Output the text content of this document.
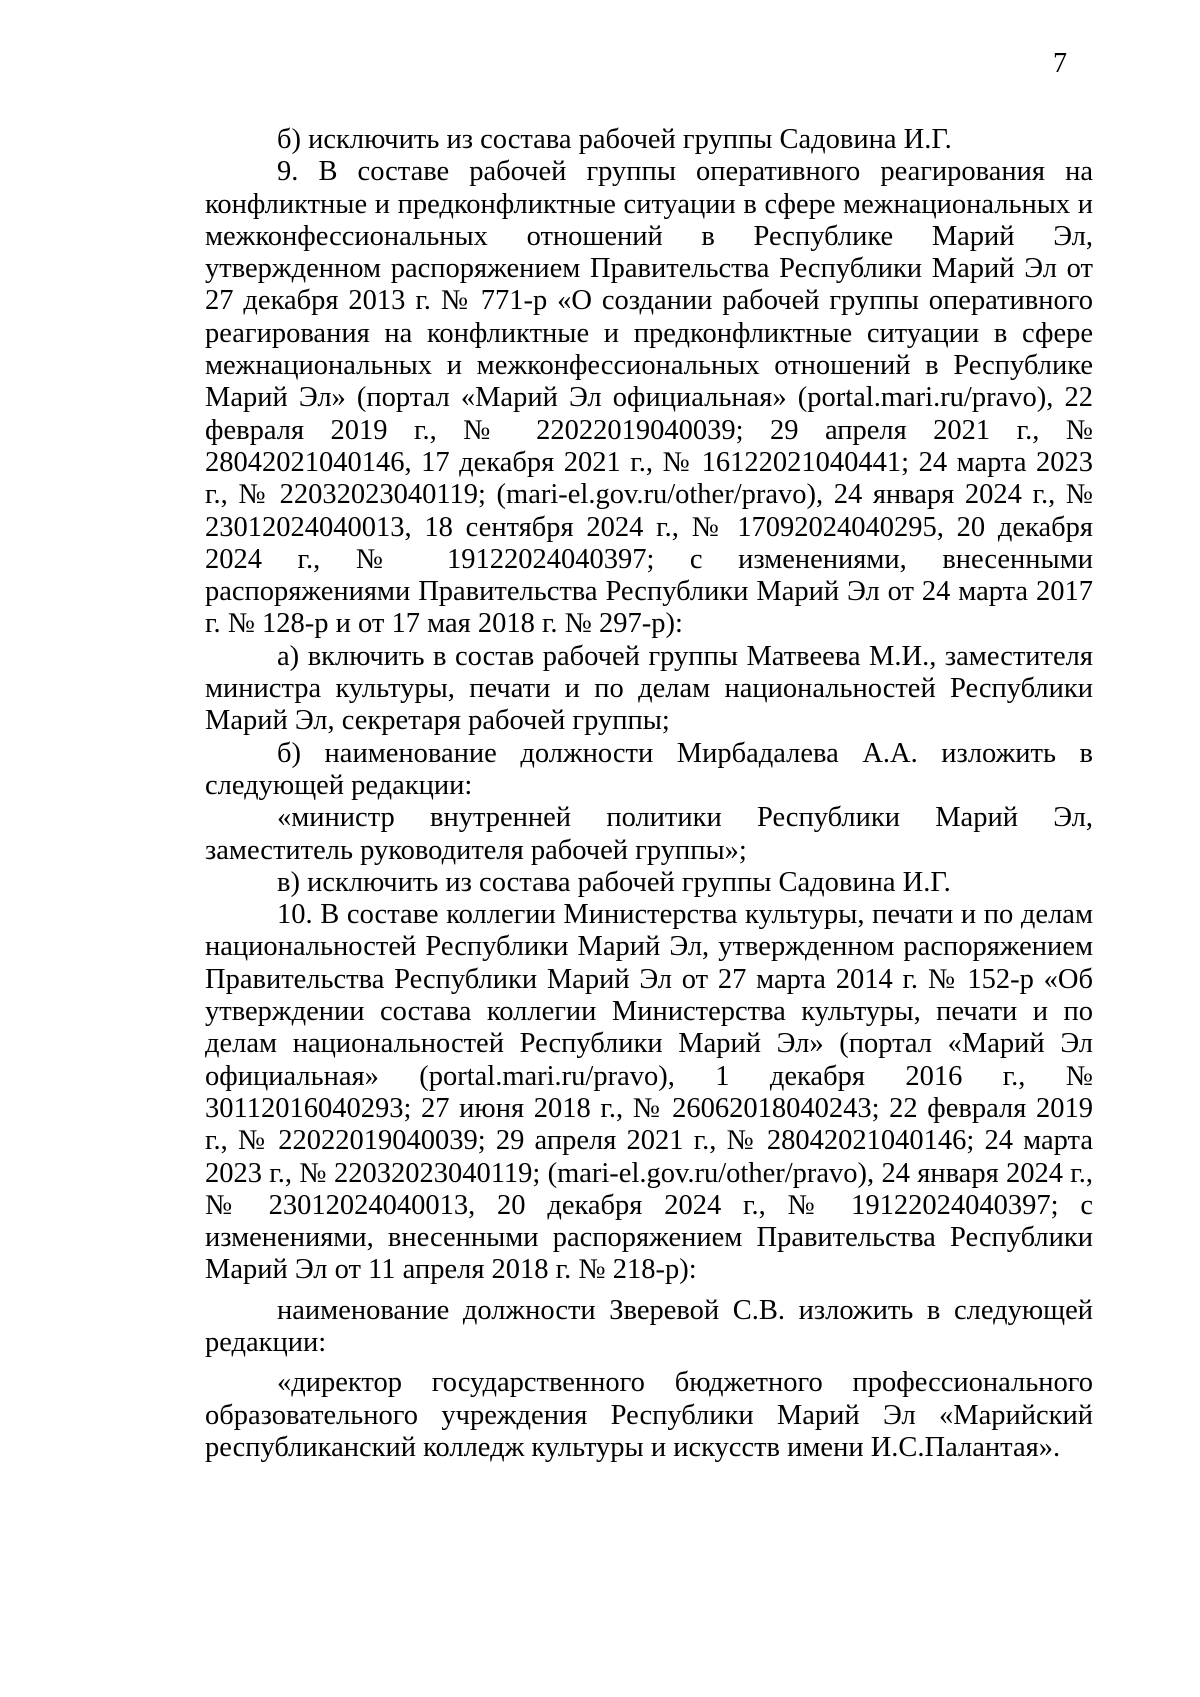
7

б) исключить из состава рабочей группы Садовина И.Г.

9. В составе рабочей группы оперативного реагирования на конфликтные и предконфликтные ситуации в сфере межнациональных и межконфессиональных отношений в Республике Марий Эл, утвержденном распоряжением Правительства Республики Марий Эл от 27 декабря 2013 г. № 771-р «О создании рабочей группы оперативного реагирования на конфликтные и предконфликтные ситуации в сфере межнациональных и межконфессиональных отношений в Республике Марий Эл» (портал «Марий Эл официальная» (portal.mari.ru/pravo), 22 февраля 2019 г., № 22022019040039; 29 апреля 2021 г., № 28042021040146, 17 декабря 2021 г., № 16122021040441; 24 марта 2023 г., № 22032023040119; (mari-el.gov.ru/other/pravo), 24 января 2024 г., № 23012024040013, 18 сентября 2024 г., № 17092024040295, 20 декабря 2024 г., № 19122024040397; с изменениями, внесенными распоряжениями Правительства Республики Марий Эл от 24 марта 2017 г. № 128-р и от 17 мая 2018 г. № 297-р):

а) включить в состав рабочей группы Матвеева М.И., заместителя министра культуры, печати и по делам национальностей Республики Марий Эл, секретаря рабочей группы;

б) наименование должности Мирбадалева А.А. изложить в следующей редакции:

«министр внутренней политики Республики Марий Эл, заместитель руководителя рабочей группы»;

в) исключить из состава рабочей группы Садовина И.Г.

10. В составе коллегии Министерства культуры, печати и по делам национальностей Республики Марий Эл, утвержденном распоряжением Правительства Республики Марий Эл от 27 марта 2014 г. № 152-р «Об утверждении состава коллегии Министерства культуры, печати и по делам национальностей Республики Марий Эл» (портал «Марий Эл официальная» (portal.mari.ru/pravo), 1 декабря 2016 г., № 30112016040293; 27 июня 2018 г., № 26062018040243; 22 февраля 2019 г., № 22022019040039; 29 апреля 2021 г., № 28042021040146; 24 марта 2023 г., № 22032023040119; (mari-el.gov.ru/other/pravo), 24 января 2024 г., № 23012024040013, 20 декабря 2024 г., № 19122024040397; с изменениями, внесенными распоряжением Правительства Республики Марий Эл от 11 апреля 2018 г. № 218-р):

наименование должности Зверевой С.В. изложить в следующей редакции:

«директор государственного бюджетного профессионального образовательного учреждения Республики Марий Эл «Марийский республиканский колледж культуры и искусств имени И.С.Палантая».
